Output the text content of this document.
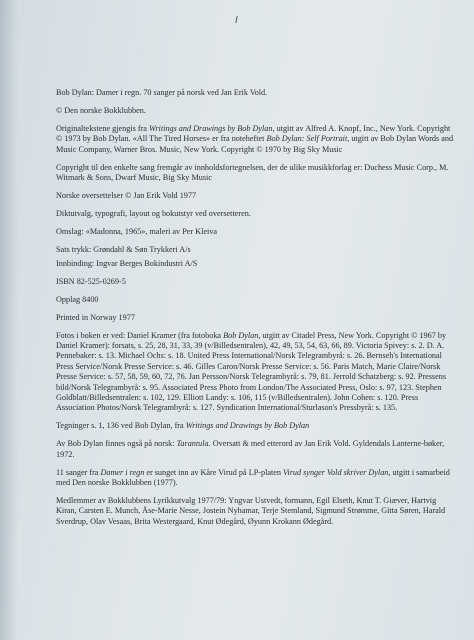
Bob Dylan: Damer i regn. 70 sanger på norsk ved Jan Erik Vold.

© Den norske Bokklubben.

Originaltekstene gjengis fra Writings and Drawings by Bob Dylan, utgitt av Alfred A. Knopf, Inc., New York. Copyright © 1973 by Bob Dylan. «All The Tired Horses» er fra noteheftet Bob Dylan: Self Portrait, utgitt av Bob Dylan Words and Music Company, Warner Bros. Music, New York. Copyright © 1970 by Big Sky Music

Copyright til den enkelte sang fremgår av innholdsfortegnelsen, der de ulike musikkforlag er: Duchess Music Corp., M. Witmark & Sons, Dwarf Music, Big Sky Music

Norske oversettelser © Jan Erik Vold 1977

Diktutvalg, typografi, layout og bokutstyr ved oversetteren.

Omslag: «Madonna, 1965», maleri av Per Kleiva

Sats trykk: Grøndahl & Søn Trykkeri A/s

Innbinding: Ingvar Berges Bokindustri A/S

ISBN 82-525-0269-5

Opplag 8400

Printed in Norway 1977

Fotos i boken er ved: Daniel Kramer (fra fotoboka Bob Dylan, utgitt av Citadel Press, New York. Copyright © 1967 by Daniel Kramer): forsats, s. 25, 28, 31, 33, 39 (v/Billedsentralen), 42, 49, 53, 54, 63, 66, 89. Victoria Spivey: s. 2. D. A. Pennebaker: s. 13. Michael Ochs: s. 18. United Press International/Norsk Telegrambyrå: s. 26. Bernseh's International Press Service/Norsk Presse Service: s. 46. Gilles Caron/Norsk Presse Service: s. 56. Paris Match, Marie Claire/Norsk Presse Service: s. 57, 58, 59, 60, 72, 76. Jan Persson/Norsk Telegrambyrå: s. 79, 81. Jerrold Schatzberg: s. 92. Pressens bild/Norsk Telegrambyrå: s. 95. Associated Press Photo from London/The Associated Press, Oslo: s. 97, 123. Stephen Goldblatt/Billedsentralen: s. 102, 129. Elliott Landy: s. 106, 115 (v/Billedsentralen). John Cohen: s. 120. Press Association Photos/Norsk Telegrambyrå: s. 127. Syndication International/Sturlason's Pressbyrå: s. 135.

Tegninger s. 1, 136 ved Bob Dylan, fra Writings and Drawings by Bob Dylan

Av Bob Dylan finnes også på norsk: Tarantula. Oversatt & med etterord av Jan Erik Vold. Gyldendals Lanterne-bøker, 1972.

11 sanger fra Damer i regn er sunget inn av Kåre Virud på LP-platen Virud synger Vold skriver Dylan, utgitt i samarbeid med Den norske Bokklubben (1977).

Medlemmer av Bokklubbens Lyrikkutvalg 1977/79: Yngvar Ustvedt, formann, Egil Elseth, Knut T. Giæver, Hartvig Kiran, Carsten E. Munch, Åse-Marie Nesse, Jostein Nyhamar, Terje Stemland, Sigmund Strømme, Gitta Søren, Harald Sverdrup, Olav Vesaas, Brita Westergaard, Knut Ødegård, Øyunn Krokann Ødegård.
